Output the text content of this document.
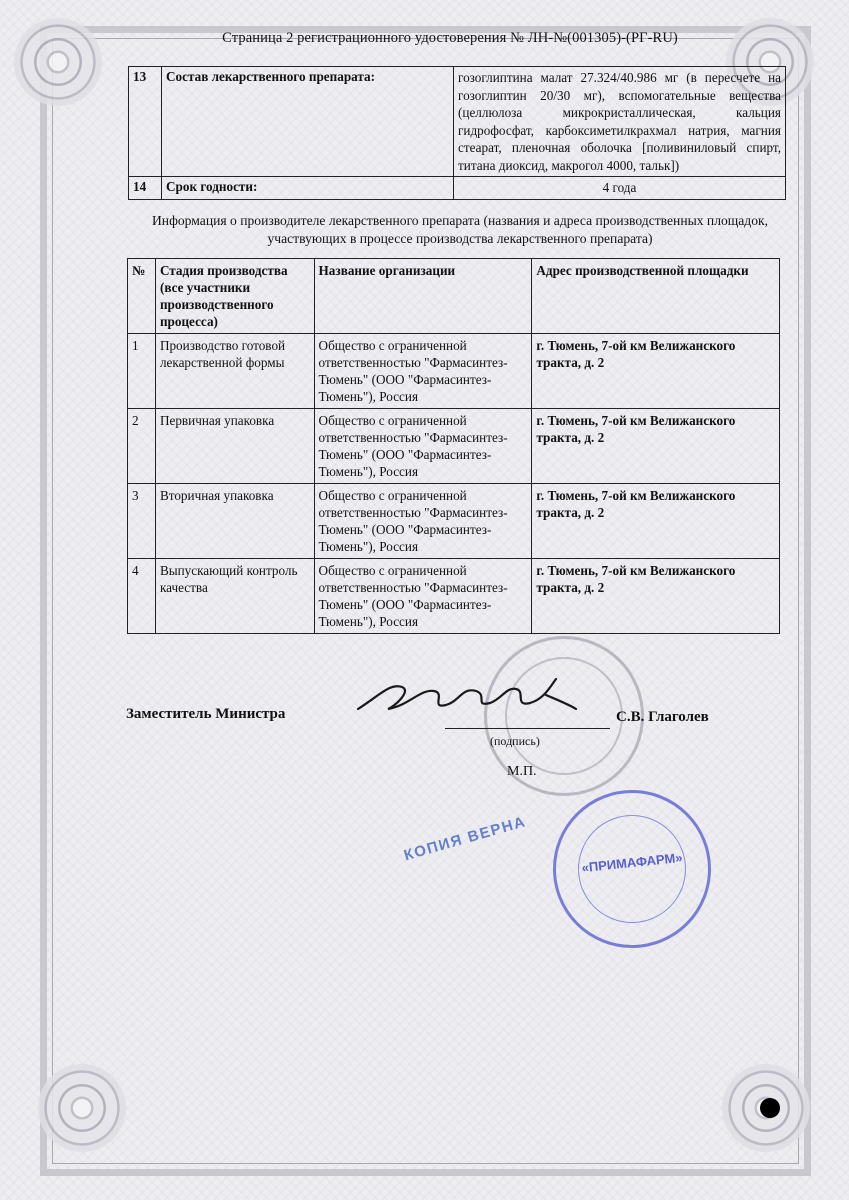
Страница 2 регистрационного удостоверения № ЛН-№(001305)-(РГ-RU)
13	Состав лекарственного препарата:	гозоглиптина малат 27.324/40.986 мг (в пересчете на гозоглиптин 20/30 мг), вспомогательные вещества (целлюлоза микрокристаллическая, кальция гидрофосфат, карбоксиметилкрахмал натрия, магния стеарат, пленочная оболочка [поливиниловый спирт, титана диоксид, макрогол 4000, тальк])
14	Срок годности:	4 года
Информация о производителе лекарственного препарата (названия и адреса производственных площадок, участвующих в процессе производства лекарственного препарата)
№	Стадия производства (все участники производственного процесса)	Название организации	Адрес производственной площадки
1	Производство готовой лекарственной формы	Общество с ограниченной ответственностью "Фармасинтез-Тюмень" (ООО "Фармасинтез-Тюмень"), Россия	г. Тюмень, 7-ой км Велижанского тракта, д. 2
2	Первичная упаковка	Общество с ограниченной ответственностью "Фармасинтез-Тюмень" (ООО "Фармасинтез-Тюмень"), Россия	г. Тюмень, 7-ой км Велижанского тракта, д. 2
3	Вторичная упаковка	Общество с ограниченной ответственностью "Фармасинтез-Тюмень" (ООО "Фармасинтез-Тюмень"), Россия	г. Тюмень, 7-ой км Велижанского тракта, д. 2
4	Выпускающий контроль качества	Общество с ограниченной ответственностью "Фармасинтез-Тюмень" (ООО "Фармасинтез-Тюмень"), Россия	г. Тюмень, 7-ой км Велижанского тракта, д. 2
Заместитель Министра	С.В. Глаголев
(подпись)
М.П.
КОПИЯ ВЕРНА	«ПРИМАФАРМ»
